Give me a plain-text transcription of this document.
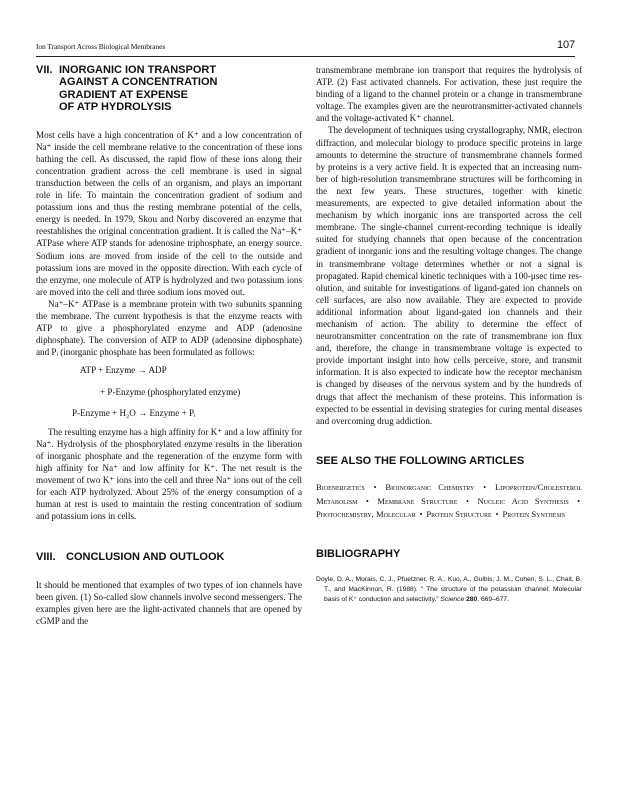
Ion Transport Across Biological Membranes	107
VII. INORGANIC ION TRANSPORT
AGAINST A CONCENTRATION
GRADIENT AT EXPENSE
OF ATP HYDROLYSIS

Most cells have a high concentration of K⁺ and a low concentration of Na⁺ inside the cell membrane relative to the concentration of these ions bathing the cell. As discussed, the rapid flow of these ions along their concentration gradient across the cell membrane is used in signal transduction between the cells of an organism, and plays an important role in life. To maintain the concentration gradient of sodium and potassium ions and thus the resting membrane potential of the cells, energy is needed. In 1979, Skou and Norby discovered an enzyme that reestablishes the original concentration gradient. It is called the Na⁺–K⁺ ATPase where ATP stands for adenosine triphosphate, an energy source. Sodium ions are moved from inside of the cell to the outside and potassium ions are moved in the opposite direction. With each cycle of the enzyme, one molecule of ATP is hydrolyzed and two potassium ions are moved into the cell and three sodium ions moved out.

Na⁺–K⁺ ATPase is a membrane protein with two subunits spanning the membrane. The current hypothesis is that the enzyme reacts with ATP to give a phosphorylated enzyme and ADP (adenosine diphosphate). The conversion of ATP to ADP (adenosine diphosphate) and Pᵢ (inorganic phosphate has been formulated as follows:

ATP + Enzyme → ADP
+ P-Enzyme (phosphorylated enzyme)
P-Enzyme + H₂O → Enzyme + Pᵢ

The resulting enzyme has a high affinity for K⁺ and a low affinity for Na⁺. Hydrolysis of the phosphorylated enzyme results in the liberation of inorganic phosphate and the regeneration of the enzyme form with high affinity for Na⁺ and low affinity for K⁺. The net result is the movement of two K⁺ ions into the cell and three Na⁺ ions out of the cell for each ATP hydrolyzed. About 25% of the energy consumption of a human at rest is used to maintain the resting concentration of sodium and potassium ions in cells.

VIII. CONCLUSION AND OUTLOOK

It should be mentioned that examples of two types of ion channels have been given. (1) So-called slow channels involve second messengers. The examples given here are the light-activated channels that are opened by cGMP and the

transmembrane membrane ion transport that requires the hydrolysis of ATP. (2) Fast activated channels. For activation, these just require the binding of a ligand to the channel protein or a change in transmembrane voltage. The examples given are the neurotransmitter-activated channels and the voltage-activated K⁺ channel.

The development of techniques using crystallography, NMR, electron diffraction, and molecular biology to produce specific proteins in large amounts to determine the structure of transmembrane channels formed by proteins is a very active field. It is expected that an increasing number of high-resolution transmembrane structures will be forthcoming in the next few years. These structures, together with kinetic measurements, are expected to give detailed information about the mechanism by which inorganic ions are transported across the cell membrane. The single-channel current-recording technique is ideally suited for studying channels that open because of the concentration gradient of inorganic ions and the resulting voltage changes. The change in transmembrane voltage determines whether or not a signal is propagated. Rapid chemical kinetic techniques with a 100-μsec time resolution, and suitable for investigations of ligand-gated ion channels on cell surfaces, are also now available. They are expected to provide additional information about ligand-gated ion channels and their mechanism of action. The ability to determine the effect of neurotransmitter concentration on the rate of transmembrane ion flux and, therefore, the change in transmembrane voltage is expected to provide important insight into how cells perceive, store, and transmit information. It is also expected to indicate how the receptor mechanism is changed by diseases of the nervous system and by the hundreds of drugs that affect the mechanism of these proteins. This information is expected to be essential in devising strategies for curing mental diseases and overcoming drug addiction.

SEE ALSO THE FOLLOWING ARTICLES

Bioenergetics • Bioinorganic Chemistry • Lipoprotein/Cholesterol Metabolism • Membrane Structure • Nucleic Acid Synthesis • Photochemistry, Molecular • Protein Structure • Protein Synthesis

BIBLIOGRAPHY

Doyle, D. A., Morais, C. J., Pfuetzner, R. A., Kuo, A., Gulbis, J. M., Cohen, S. L., Chait, B. T., and MacKinnon, R. (1988). “ The structure of the potassium channel: Molecular basis of K⁺ conduction and selectivity,” Science 280, 669–677.
